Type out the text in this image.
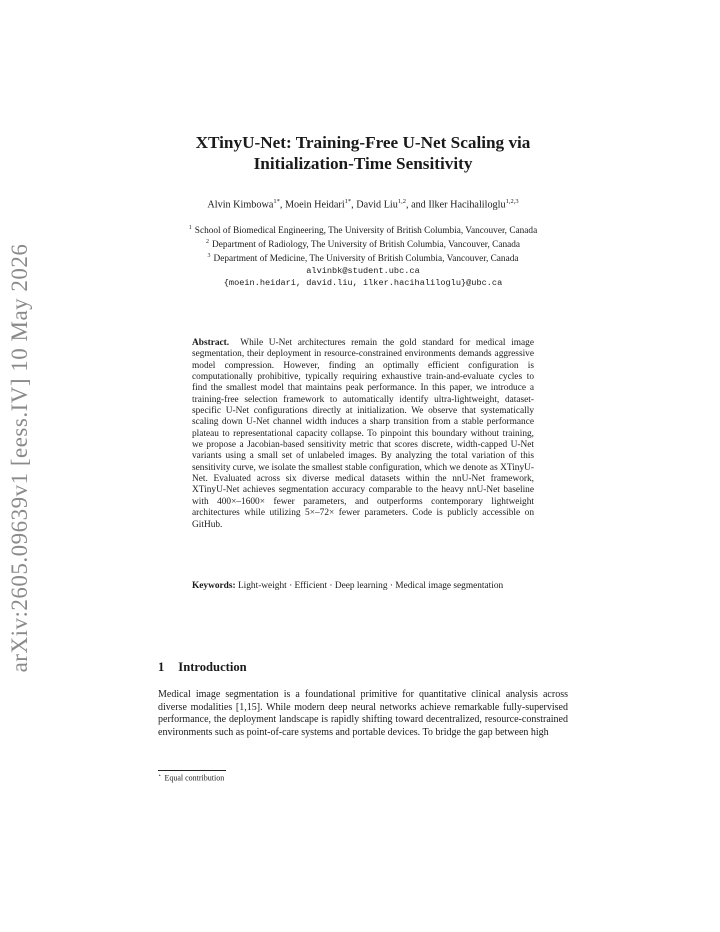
arXiv:2605.09639v1 [eess.IV] 10 May 2026
XTinyU-Net: Training-Free U-Net Scaling via
Initialization-Time Sensitivity
Alvin Kimbowa$^{1*}$, Moein Heidari$^{1*}$, David Liu$^{1,2}$, and Ilker Hacihaliloglu$^{1,2,3}$
$^1$ School of Biomedical Engineering, The University of British Columbia, Vancouver, Canada
$^2$ Department of Radiology, The University of British Columbia, Vancouver, Canada
$^3$ Department of Medicine, The University of British Columbia, Vancouver, Canada
alvinbk@student.ubc.ca
{moein.heidari, david.liu, ilker.hacihaliloglu}@ubc.ca
Abstract. While U-Net architectures remain the gold standard for medical image segmentation, their deployment in resource-constrained environments demands aggressive model compression. However, finding an optimally efficient configuration is computationally prohibitive, typically requiring exhaustive train-and-evaluate cycles to find the smallest model that maintains peak performance. In this paper, we introduce a training-free selection framework to automatically identify ultra-lightweight, dataset-specific U-Net configurations directly at initialization. We observe that systematically scaling down U-Net channel width induces a sharp transition from a stable performance plateau to representational capacity collapse. To pinpoint this boundary without training, we propose a Jacobian-based sensitivity metric that scores discrete, width-capped U-Net variants using a small set of unlabeled images. By analyzing the total variation of this sensitivity curve, we isolate the smallest stable configuration, which we denote as XTinyU-Net. Evaluated across six diverse medical datasets within the nnU-Net framework, XTinyU-Net achieves segmentation accuracy comparable to the heavy nnU-Net baseline with 400×–1600× fewer parameters, and outperforms contemporary lightweight architectures while utilizing 5×–72× fewer parameters. Code is publicly accessible on GitHub.
Keywords: Light-weight · Efficient · Deep learning · Medical image segmentation
1 Introduction
Medical image segmentation is a foundational primitive for quantitative clinical analysis across diverse modalities [1,15]. While modern deep neural networks achieve remarkable fully-supervised performance, the deployment landscape is rapidly shifting toward decentralized, resource-constrained environments such as point-of-care systems and portable devices. To bridge the gap between high
⋆ Equal contribution
